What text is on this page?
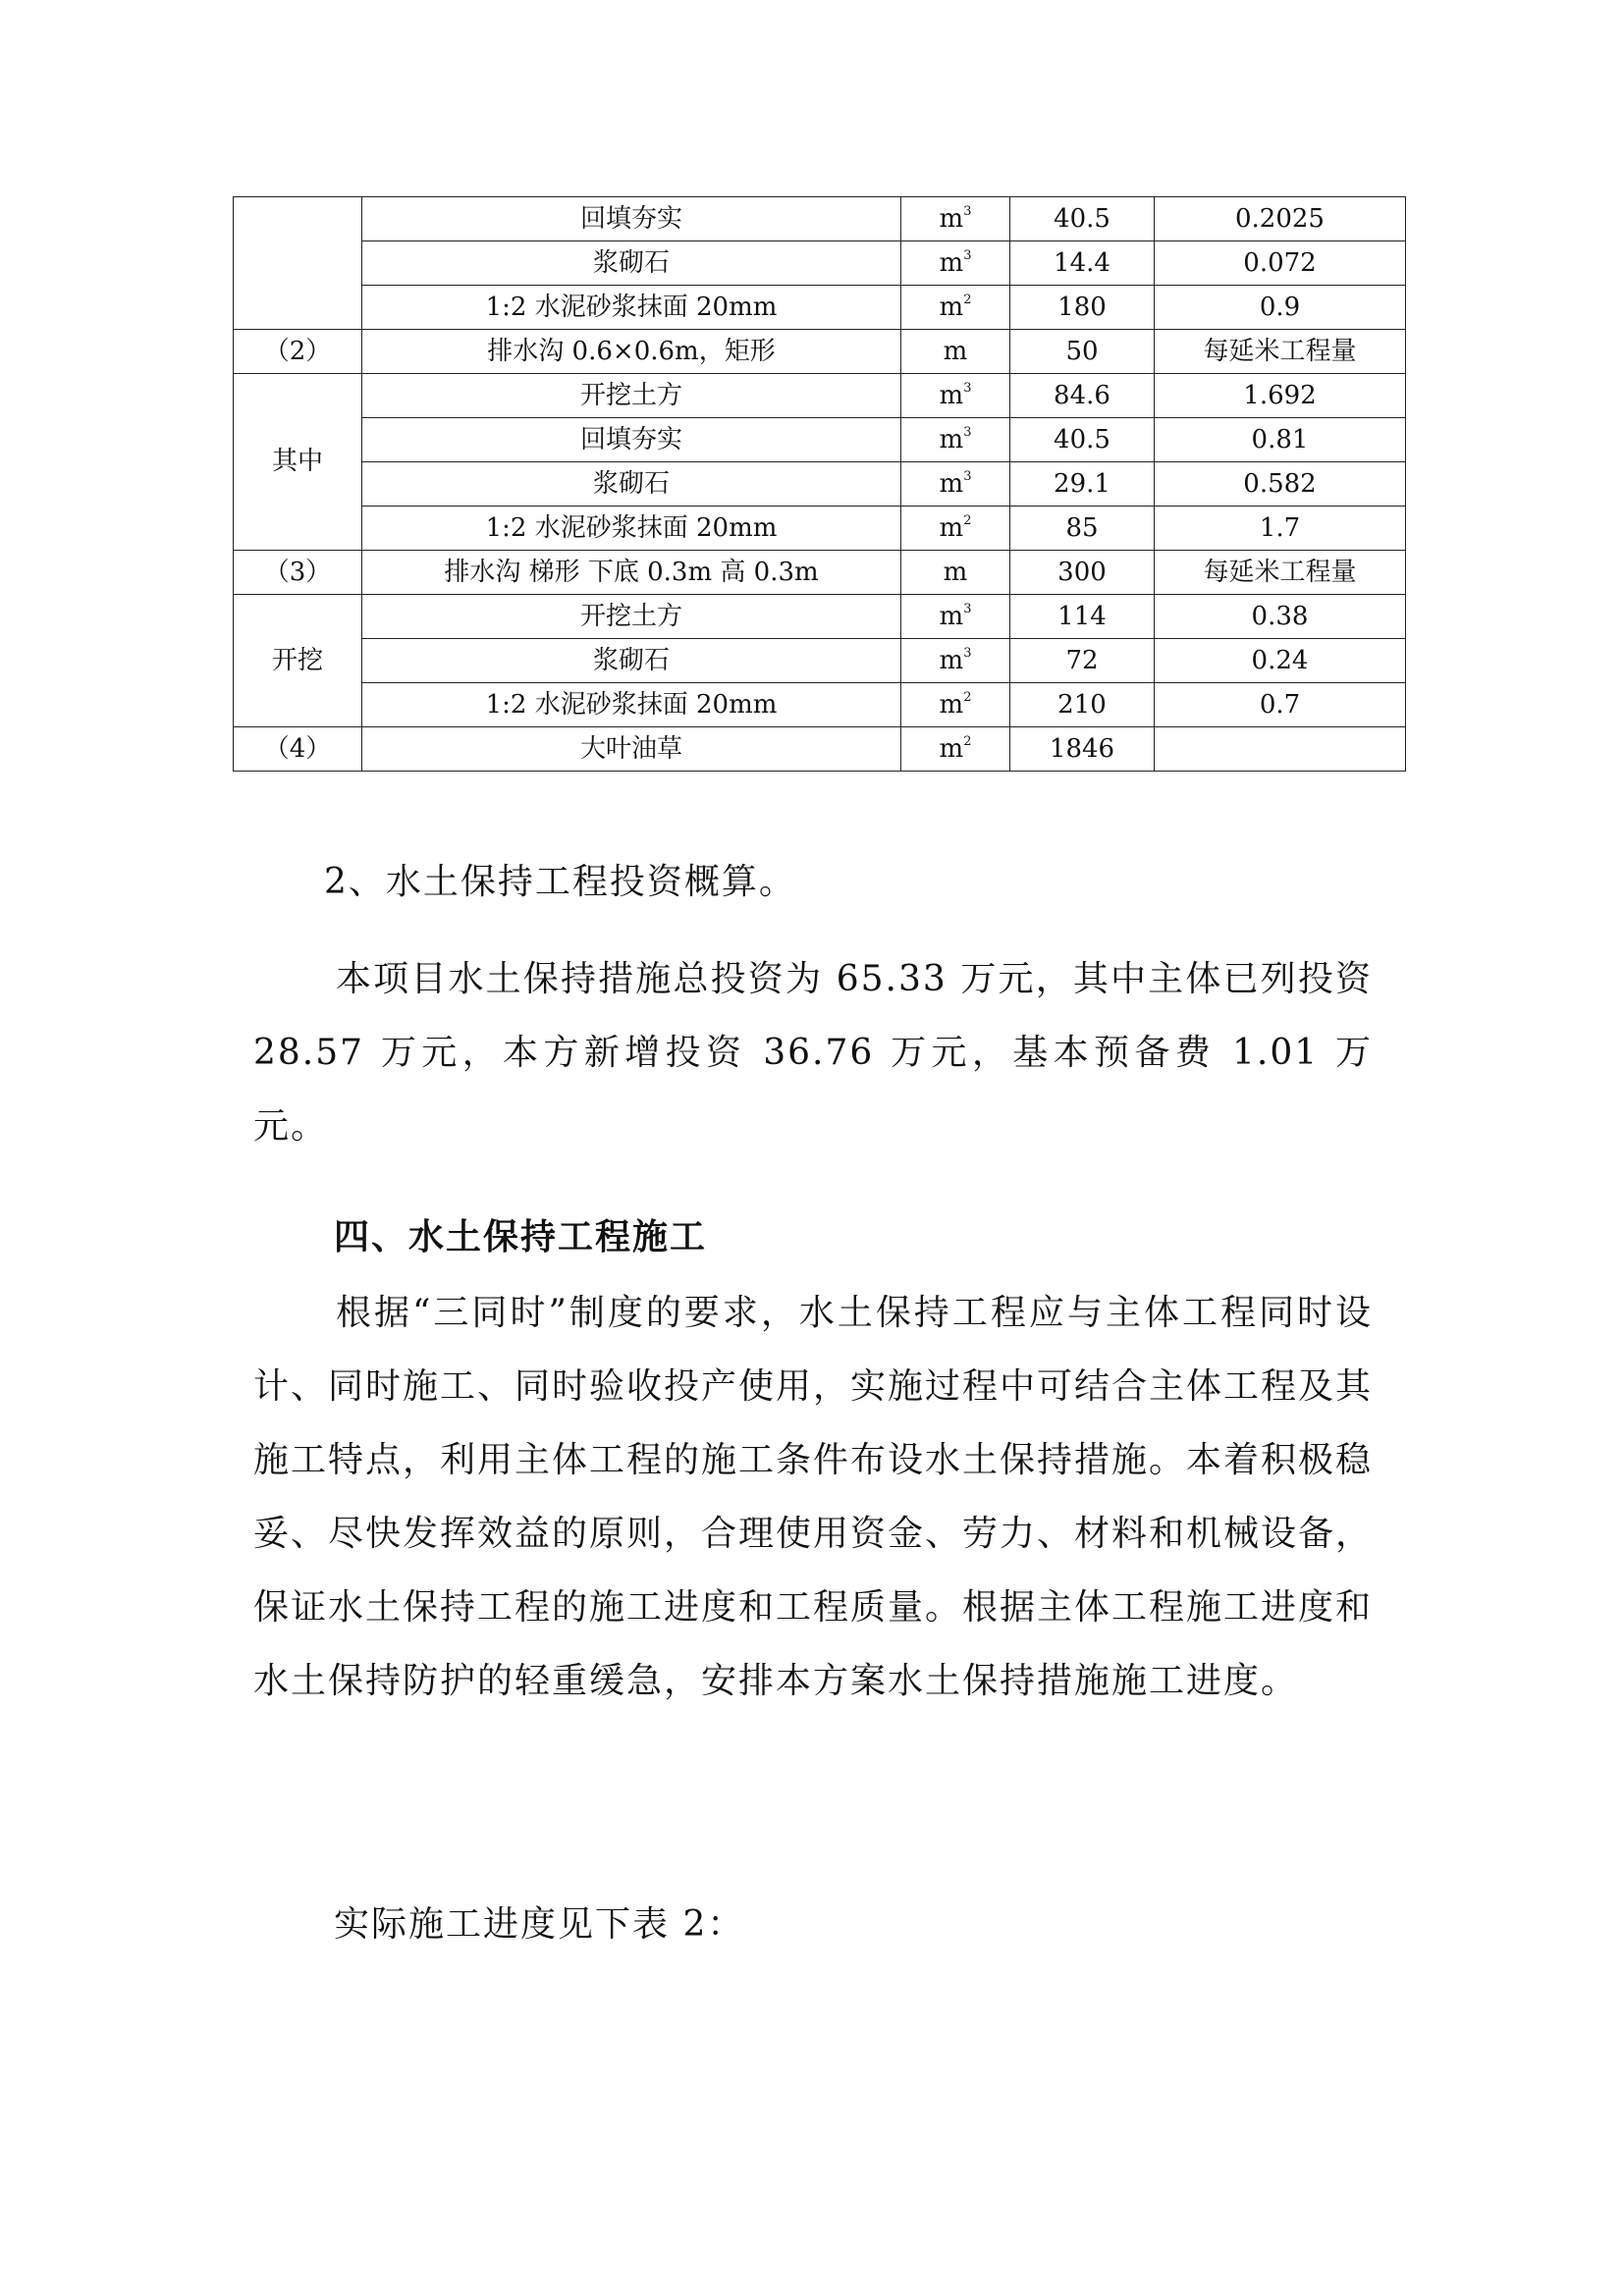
	回填夯实	$m^3$	40.5	0.2025
	浆砌石	$m^3$	14.4	0.072
	1:2 水泥砂浆抹面 20mm	$m^2$	180	0.9
（2）	排水沟 0.6×0.6m，矩形	m	50	每延米工程量
其中	开挖土方	$m^3$	84.6	1.692
	回填夯实	$m^3$	40.5	0.81
	浆砌石	$m^3$	29.1	0.582
	1:2 水泥砂浆抹面 20mm	$m^2$	85	1.7
（3）	排水沟 梯形 下底 0.3m 高 0.3m	m	300	每延米工程量
开挖	开挖土方	$m^3$	114	0.38
	浆砌石	$m^3$	72	0.24
	1:2 水泥砂浆抹面 20mm	$m^2$	210	0.7
（4）	大叶油草	$m^2$	1846	
2、水土保持工程投资概算。

本项目水土保持措施总投资为 65.33 万元，其中主体已列投资 28.57 万元，本方新增投资 36.76 万元，基本预备费 1.01 万元。

四、水土保持工程施工

根据“三同时”制度的要求，水土保持工程应与主体工程同时设计、同时施工、同时验收投产使用，实施过程中可结合主体工程及其施工特点，利用主体工程的施工条件布设水土保持措施。本着积极稳妥、尽快发挥效益的原则，合理使用资金、劳力、材料和机械设备，保证水土保持工程的施工进度和工程质量。根据主体工程施工进度和水土保持防护的轻重缓急，安排本方案水土保持措施施工进度。

实际施工进度见下表 2：
